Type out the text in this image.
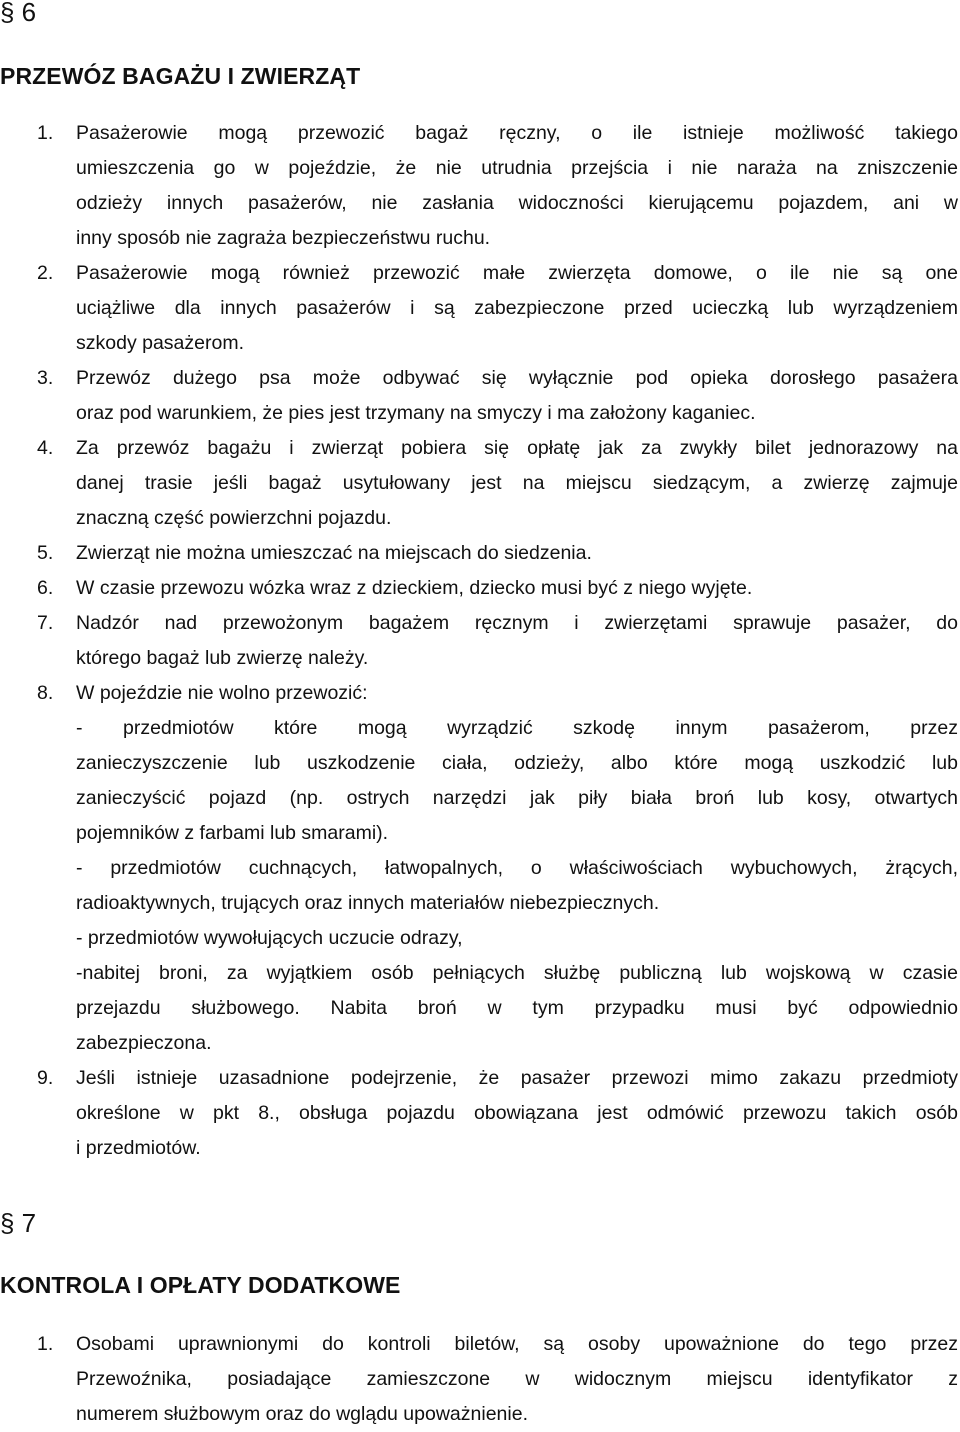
§ 6
PRZEWÓZ BAGAŻU I ZWIERZĄT
1. Pasażerowie mogą przewozić bagaż ręczny, o ile istnieje możliwość takiego
umieszczenia go w pojeździe, że nie utrudnia przejścia i nie naraża na zniszczenie
odzieży innych pasażerów, nie zasłania widoczności kierującemu pojazdem, ani w
inny sposób nie zagraża bezpieczeństwu ruchu.
2. Pasażerowie mogą również przewozić małe zwierzęta domowe, o ile nie są one
uciążliwe dla innych pasażerów i są zabezpieczone przed ucieczką lub wyrządzeniem
szkody pasażerom.
3. Przewóz dużego psa może odbywać się wyłącznie pod opieka dorosłego pasażera
oraz pod warunkiem, że pies jest trzymany na smyczy i ma założony kaganiec.
4. Za przewóz bagażu i zwierząt pobiera się opłatę jak za zwykły bilet jednorazowy na
danej trasie jeśli bagaż usytułowany jest na miejscu siedzącym, a zwierzę zajmuje
znaczną część powierzchni pojazdu.
5. Zwierząt nie można umieszczać na miejscach do siedzenia.
6. W czasie przewozu wózka wraz z dzieckiem, dziecko musi być z niego wyjęte.
7. Nadzór nad przewożonym bagażem ręcznym i zwierzętami sprawuje pasażer, do
którego bagaż lub zwierzę należy.
8. W pojeździe nie wolno przewozić:
- przedmiotów które mogą wyrządzić szkodę innym pasażerom, przez
zanieczyszczenie lub uszkodzenie ciała, odzieży, albo które mogą uszkodzić lub
zanieczyścić pojazd (np. ostrych narzędzi jak piły biała broń lub kosy, otwartych
pojemników z farbami lub smarami).
- przedmiotów cuchnących, łatwopalnych, o właściwościach wybuchowych, żrących,
radioaktywnych, trujących oraz innych materiałów niebezpiecznych.
- przedmiotów wywołujących uczucie odrazy,
-nabitej broni, za wyjątkiem osób pełniących służbę publiczną lub wojskową w czasie
przejazdu służbowego. Nabita broń w tym przypadku musi być odpowiednio
zabezpieczona.
9. Jeśli istnieje uzasadnione podejrzenie, że pasażer przewozi mimo zakazu przedmioty
określone w pkt 8., obsługa pojazdu obowiązana jest odmówić przewozu takich osób
i przedmiotów.
§ 7
KONTROLA I OPŁATY DODATKOWE
1. Osobami uprawnionymi do kontroli biletów, są osoby upoważnione do tego przez
Przewoźnika, posiadające zamieszczone w widocznym miejscu identyfikator z
numerem służbowym oraz do wglądu upoważnienie.
